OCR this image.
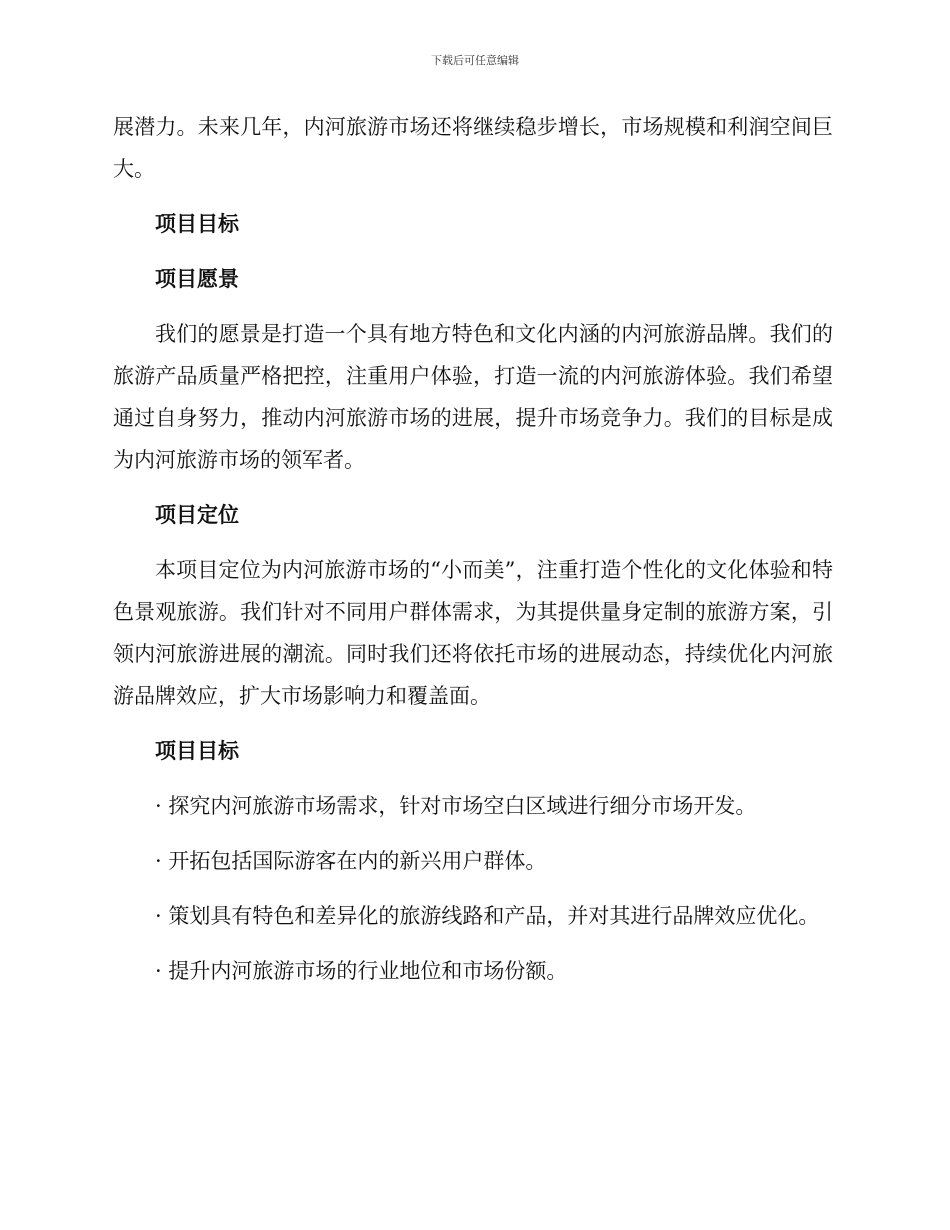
下载后可任意编辑

展潜力。未来几年，内河旅游市场还将继续稳步增长，市场规模和利润空间巨大。

项目目标

项目愿景

我们的愿景是打造一个具有地方特色和文化内涵的内河旅游品牌。我们的旅游产品质量严格把控，注重用户体验，打造一流的内河旅游体验。我们希望通过自身努力，推动内河旅游市场的进展，提升市场竞争力。我们的目标是成为内河旅游市场的领军者。

项目定位

本项目定位为内河旅游市场的“小而美”，注重打造个性化的文化体验和特色景观旅游。我们针对不同用户群体需求，为其提供量身定制的旅游方案，引领内河旅游进展的潮流。同时我们还将依托市场的进展动态，持续优化内河旅游品牌效应，扩大市场影响力和覆盖面。

项目目标

· 探究内河旅游市场需求，针对市场空白区域进行细分市场开发。

· 开拓包括国际游客在内的新兴用户群体。

· 策划具有特色和差异化的旅游线路和产品，并对其进行品牌效应优化。

· 提升内河旅游市场的行业地位和市场份额。
